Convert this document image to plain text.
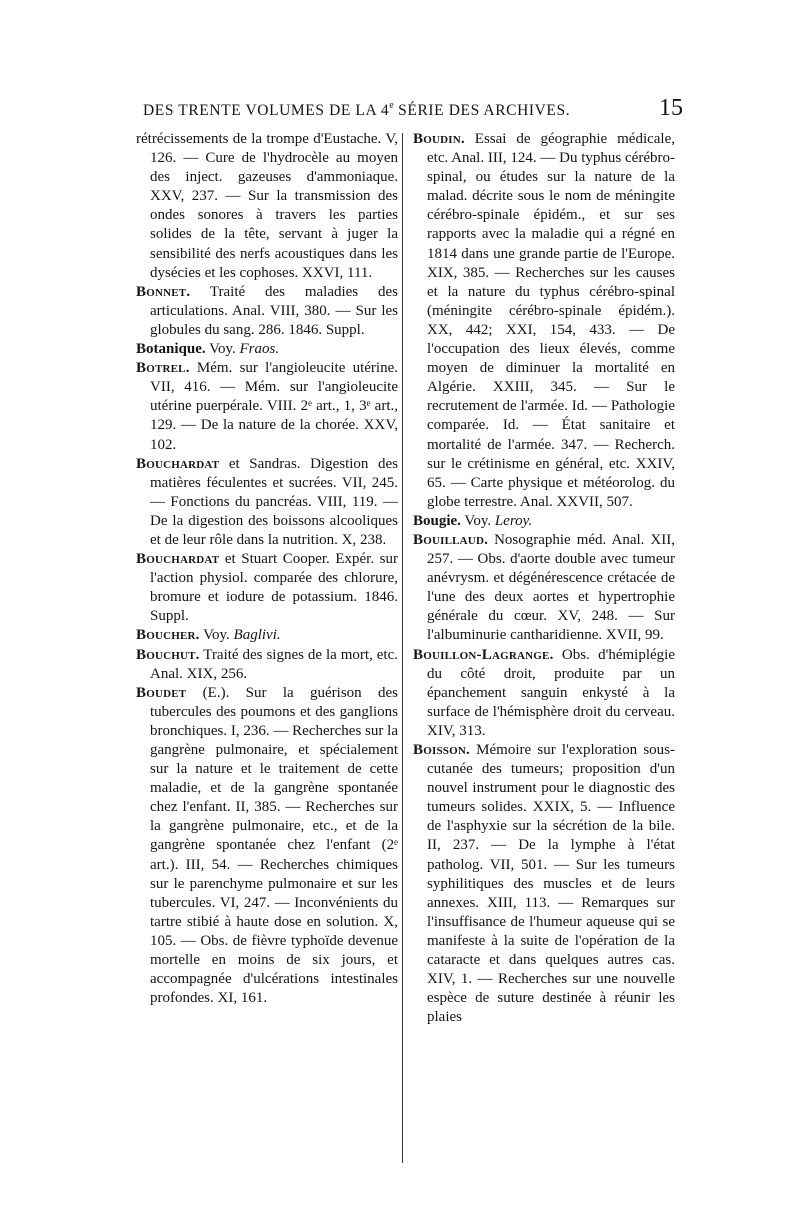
DES TRENTE VOLUMES DE LA 4e SÉRIE DES ARCHIVES.	15

rétrécissements de la trompe d'Eustache. V, 126. — Cure de l'hydrocèle au moyen des inject. gazeuses d'ammoniaque. XXV, 237. — Sur la transmission des ondes sonores à travers les parties solides de la tête, servant à juger la sensibilité des nerfs acoustiques dans les dysécies et les cophoses. XXVI, 111.

Bonnet. Traité des maladies des articulations. Anal. VIII, 380. — Sur les globules du sang. 286. 1846. Suppl.

Botanique. Voy. Fraos.

Botrel. Mém. sur l'angioleucite utérine. VII, 416. — Mém. sur l'angioleucite utérine puerpérale. VIII. 2ᵉ art., 1, 3ᵉ art., 129. — De la nature de la chorée. XXV, 102.

Bouchardat et Sandras. Digestion des matières féculentes et sucrées. VII, 245. — Fonctions du pancréas. VIII, 119. — De la digestion des boissons alcooliques et de leur rôle dans la nutrition. X, 238.

Bouchardat et Stuart Cooper. Expér. sur l'action physiol. comparée des chlorure, bromure et iodure de potassium. 1846. Suppl.

Boucher. Voy. Baglivi.

Bouchut. Traité des signes de la mort, etc. Anal. XIX, 256.

Boudet (E.). Sur la guérison des tubercules des poumons et des ganglions bronchiques. I, 236. — Recherches sur la gangrène pulmonaire, et spécialement sur la nature et le traitement de cette maladie, et de la gangrène spontanée chez l'enfant. II, 385. — Recherches sur la gangrène pulmonaire, etc., et de la gangrène spontanée chez l'enfant (2ᵉ art.). III, 54. — Recherches chimiques sur le parenchyme pulmonaire et sur les tubercules. VI, 247. — Inconvénients du tartre stibié à haute dose en solution. X, 105. — Obs. de fièvre typhoïde devenue mortelle en moins de six jours, et accompagnée d'ulcérations intestinales profondes. XI, 161.

Boudin. Essai de géographie médicale, etc. Anal. III, 124. — Du typhus cérébro-spinal, ou études sur la nature de la malad. décrite sous le nom de méningite cérébro-spinale épidém., et sur ses rapports avec la maladie qui a régné en 1814 dans une grande partie de l'Europe. XIX, 385. — Recherches sur les causes et la nature du typhus cérébro-spinal (méningite cérébro-spinale épidém.). XX, 442; XXI, 154, 433. — De l'occupation des lieux élevés, comme moyen de diminuer la mortalité en Algérie. XXIII, 345. — Sur le recrutement de l'armée. Id. — Pathologie comparée. Id. — État sanitaire et mortalité de l'armée. 347. — Recherch. sur le crétinisme en général, etc. XXIV, 65. — Carte physique et météorolog. du globe terrestre. Anal. XXVII, 507.

Bougie. Voy. Leroy.

Bouillaud. Nosographie méd. Anal. XII, 257. — Obs. d'aorte double avec tumeur anévrysm. et dégénérescence crétacée de l'une des deux aortes et hypertrophie générale du cœur. XV, 248. — Sur l'albuminurie cantharidienne. XVII, 99.

Bouillon-Lagrange. Obs. d'hémiplégie du côté droit, produite par un épanchement sanguin enkysté à la surface de l'hémisphère droit du cerveau. XIV, 313.

Boisson. Mémoire sur l'exploration sous-cutanée des tumeurs; proposition d'un nouvel instrument pour le diagnostic des tumeurs solides. XXIX, 5. — Influence de l'asphyxie sur la sécrétion de la bile. II, 237. — De la lymphe à l'état patholog. VII, 501. — Sur les tumeurs syphilitiques des muscles et de leurs annexes. XIII, 113. — Remarques sur l'insuffisance de l'humeur aqueuse qui se manifeste à la suite de l'opération de la cataracte et dans quelques autres cas. XIV, 1. — Recherches sur une nouvelle espèce de suture destinée à réunir les plaies
